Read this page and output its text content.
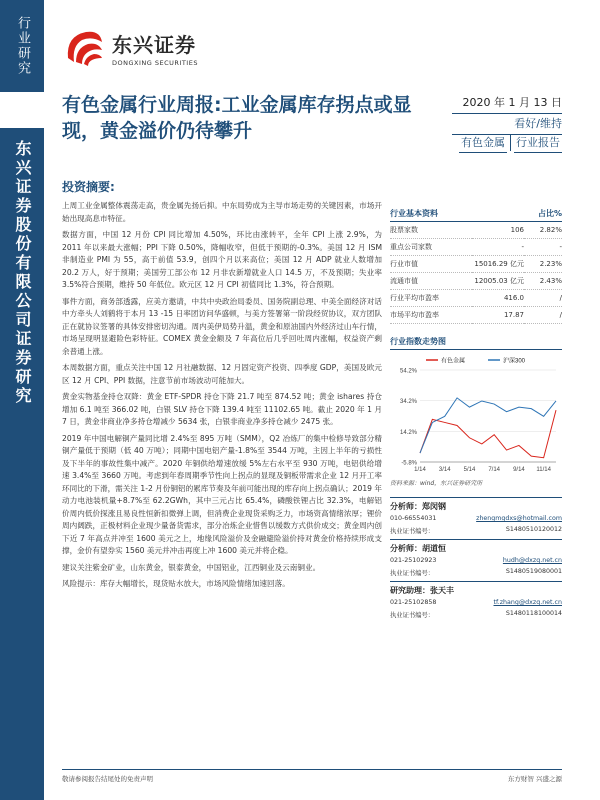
行业研究
东兴证券股份有限公司证券研究
东兴证券
DONGXING SECURITIES
有色金属行业周报:工业金属库存拐点或显现，黄金溢价仍待攀升
2020 年 1 月 13 日
看好/维持
有色金属 行业报告
投资摘要:

上周工业金属整体震荡走高，贵金属先扬后抑。中东局势成为主导市场走势的关键因素，市场开始出现高息市特征。

数据方面，中国 12 月份 CPI 同比增加 4.50%，环比由涨转平，全年 CPI 上涨 2.9%，为 2011 年以来最大涨幅；PPI 下降 0.50%，降幅收窄，但低于预期的-0.3%。美国 12 月 ISM 非制造业 PMI 为 55，高于前值 53.9，创四个月以来高位；美国 12 月 ADP 就业人数增加 20.2 万人，好于预期；美国劳工部公布 12 月非农新增就业人口 14.5 万，不及预期；失业率 3.5%符合预期，维持 50 年低位。欧元区 12 月 CPI 初值同比 1.3%，符合预期。

事件方面，商务部透露，应美方邀请，中共中央政治局委员、国务院副总理、中美全面经济对话中方牵头人刘鹤将于本月 13 -15 日率团访问华盛顿，与美方签署第一阶段经贸协议，双方团队正在就协议签署的具体安排密切沟通。周内美伊局势升温，黄金和原油国内外经济过山车行情，市场呈现明显避险色彩特征。COMEX 黄金金额及 7 年高位后几乎回吐周内涨幅，权益资产剩余普通上涨。

本周数据方面，重点关注中国 12 月社融数据、12 月固定资产投资、四季度 GDP，美国及欧元区 12 月 CPI、PPI 数据，注意节前市场波动可能加大。

黄金实物基金持仓双降：黄金 ETF-SPDR 持仓下降 21.7 吨至 874.52 吨；黄金 ishares 持仓增加 6.1 吨至 366.02 吨，白银 SLV 持仓下降 139.4 吨至 11102.65 吨。截止 2020 年 1 月 7 日，黄金非商业净多持仓增减少 5634 张，白银非商业净多持仓减少 2475 张。

2019 年中国电解铜产量同比增 2.4%至 895 万吨（SMM），Q2 冶炼厂的集中检修导致部分精铜产量低于预期（低 40 万吨）；同期中国电铝产量-1.8%至 3544 万吨，主因上半年的亏损性及下半年的事故性集中减产。2020 年铜供给增速放缓 5%左右水平至 930 万吨，电铝供给增速 3.4%至 3660 万吨。考虑到年春周期季节性向上拐点的显现及铜板带需求企业 12 月开工率环同比的下滑，需关注 1-2 月份铜铝的累库节奏及年前可能出现的库存向上拐点确认；2019 年动力电池装机量+8.7%至 62.2GWh，其中三元占比 65.4%，磷酸铁锂占比 32.3%，电解铝价周内低价探涨且易良性恒新扣微弹上调，但消费企业现货采购乏力，市场资高情绪浓厚；锂价周内阔跌，正极材料企业现少量备货需求，部分冶炼企业惜售以缓数方式供价成交；黄金周内创下近 7 年高点并冲至 1600 美元之上，地缘风险溢价及金融避险溢价持对黄金价格持续形成支撑，金价有望券实 1560 美元并冲击再度上冲 1600 美元并将企稳。

建议关注紫金矿业，山东黄金，银泰黄金，中国铝业，江西铜业及云南铜业。

风险提示：库存大幅增长，现货贴水放大，市场风险情绪加速回落。

行业基本资料	占比%
股票家数	106	2.82%
重点公司家数	-	-
行业市值	15016.29 亿元	2.23%
流通市值	12005.03 亿元	2.43%
行业平均市盈率	416.0	/
市场平均市盈率	17.87	/
行业指数走势图
54.2%
34.2%
14.2%
-5.8%
1/14 3/14 5/14 7/14 9/14 11/14
有色金属	沪深300
资料来源：wind，东兴证券研究所
分析师：郑闵钢
010-66554031	zhengmgdxs@hotmail.com
执业证书编号：	S1480510120012
分析师：胡道恒
021-25102923	hudh@dxzq.net.cn
执业证书编号：	S1480519080001
研究助理：张天丰
021-25102858	tf.zhang@dxzq.net.cn
执业证书编号：	S1480118100014
敬请参阅报告结尾处的免责声明	东方财智 兴盛之源
